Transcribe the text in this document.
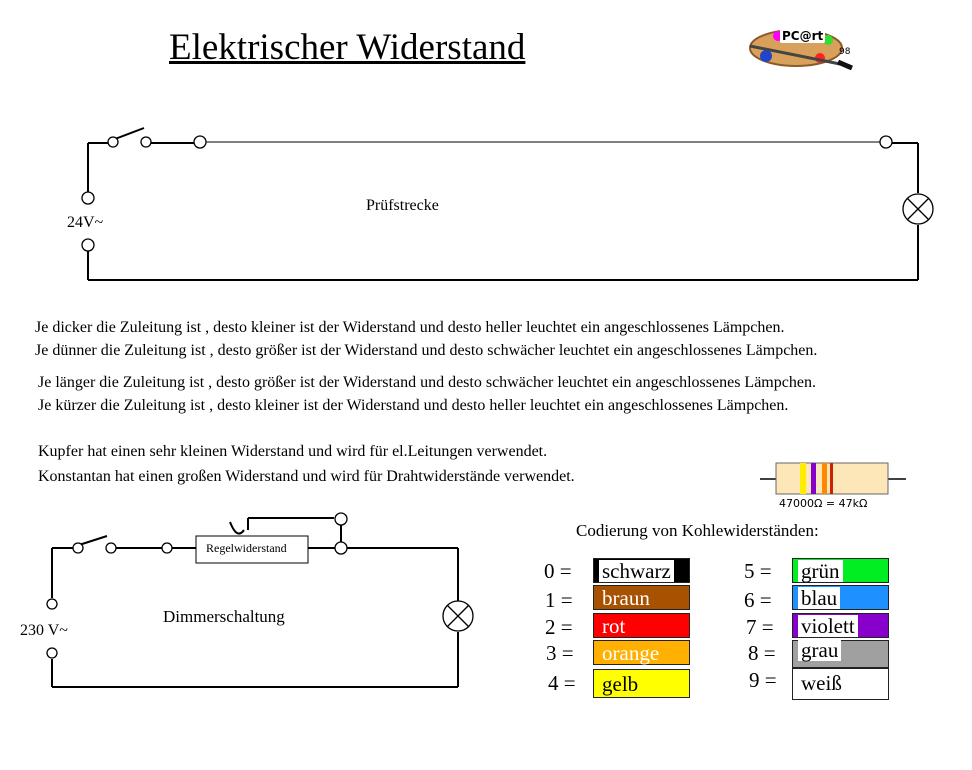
Elektrischer Widerstand	PC@rt
98
24V~
Prüfstrecke
Je dicker die Zuleitung ist , desto kleiner ist der Widerstand und desto heller leuchtet ein angeschlossenes Lämpchen.
Je dünner die Zuleitung ist , desto größer ist der Widerstand und desto schwächer leuchtet ein angeschlossenes Lämpchen.
Je länger die Zuleitung ist , desto größer ist der Widerstand und desto schwächer leuchtet ein angeschlossenes Lämpchen.
Je kürzer die Zuleitung ist , desto kleiner ist der Widerstand und desto heller leuchtet ein angeschlossenes Lämpchen.
Kupfer hat einen sehr kleinen Widerstand und wird für el.Leitungen verwendet.
Konstantan hat einen großen Widerstand und wird für Drahtwiderstände verwendet.
47000Ω = 47kΩ
Regelwiderstand
230 V~
Dimmerschaltung
Codierung von Kohlewiderständen:
0 =
1 =
2 =
3 =
4 =
5 =
6 =
7 =
8 =
9 =
schwarz
braun
rot
orange
gelb
grün
blau
violett
grau
weiß
